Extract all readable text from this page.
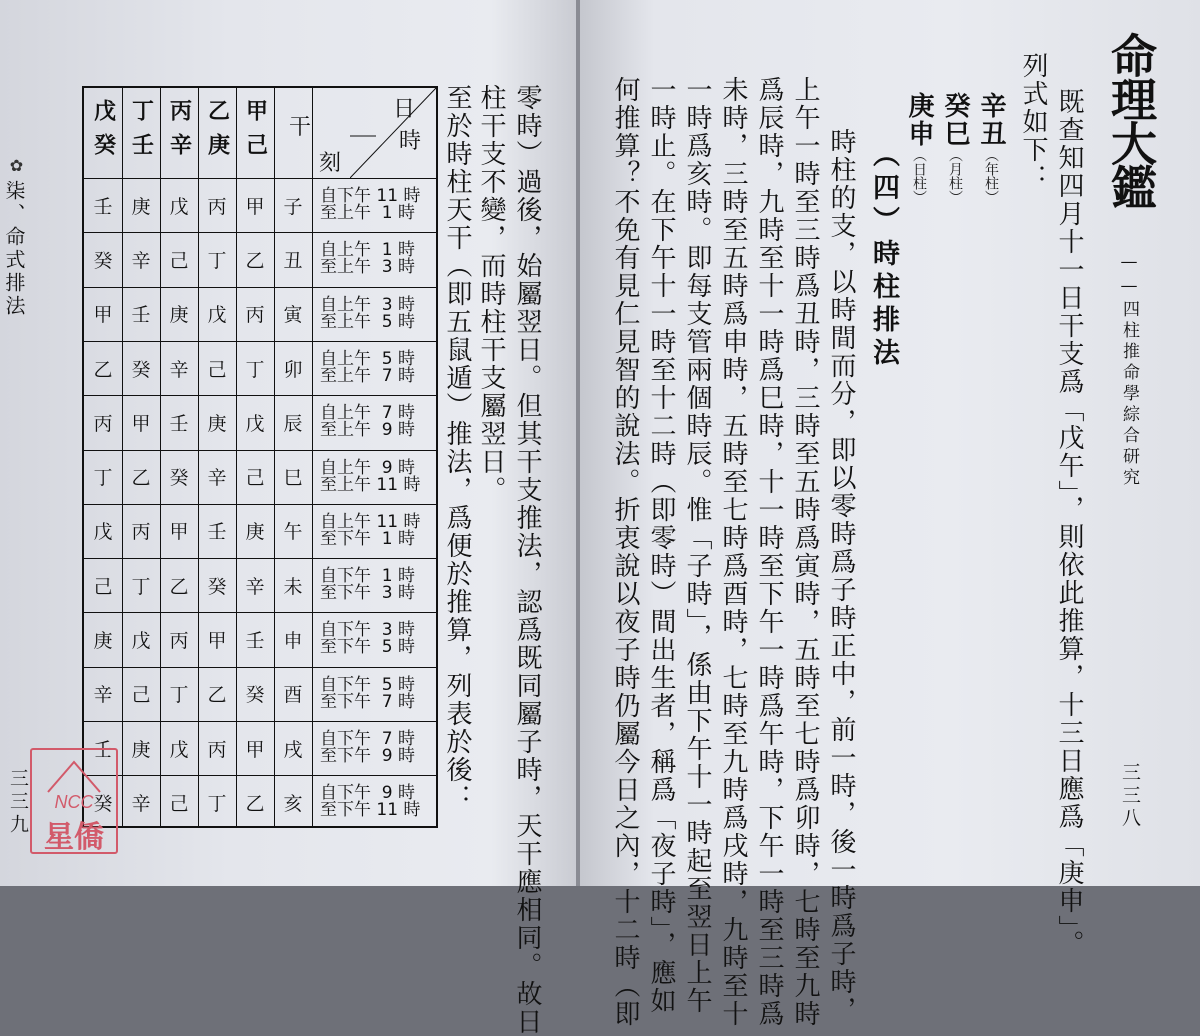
✿
柒、命式排法
三三九
甲己
乙庚
丙辛
丁壬
戊癸
自下午 11 時
至上午  1 時
子
甲
丙
戊
庚
壬
自上午  1 時
至上午  3 時
丑
乙
丁
己
辛
癸
自上午  3 時
至上午  5 時
寅
丙
戊
庚
壬
甲
自上午  5 時
至上午  7 時
卯
丁
己
辛
癸
乙
自上午  7 時
至上午  9 時
辰
戊
庚
壬
甲
丙
自上午  9 時
至上午 11 時
巳
己
辛
癸
乙
丁
自上午 11 時
至下午  1 時
午
庚
壬
甲
丙
戊
自下午  1 時
至下午  3 時
未
辛
癸
乙
丁
己
自下午  3 時
至下午  5 時
申
壬
甲
丙
戊
庚
自下午  5 時
至下午  7 時
酉
癸
乙
丁
己
辛
自下午  7 時
至下午  9 時
戌
甲
丙
戊
庚
壬
自下午  9 時
至下午 11 時
亥
乙
丁
己
辛
癸
日
時
干
刻	零時）過後，始屬翌日。但其干支推法，認爲既同屬子時，天干應相同。故日
柱干支不變，而時柱干支屬翌日。
至於時柱天干（即五鼠遁）推法，爲便於推算，列表於後：
NCC
星僑
命理大鑑
——四柱推命學綜合研究
三三八
既查知四月十一日干支爲「戊午」，則依此推算，十三日應爲「庚申」。
列式如下：
辛丑（年柱）
癸巳（月柱）
庚申（日柱）
（四）時柱排法
時柱的支，以時間而分，即以零時爲子時正中，前一時，後一時爲子時，
上午一時至三時爲丑時，三時至五時爲寅時，五時至七時爲卯時，七時至九時
爲辰時，九時至十一時爲巳時，十一時至下午一時爲午時，下午一時至三時爲
未時，三時至五時爲申時，五時至七時爲酉時，七時至九時爲戌時，九時至十
一時爲亥時。即每支管兩個時辰。惟「子時」，係由下午十一時起至翌日上午
一時止。在下午十一時至十二時（即零時）間出生者，稱爲「夜子時」，應如
何推算？不免有見仁見智的說法。折衷說以夜子時仍屬今日之內，十二時（即
